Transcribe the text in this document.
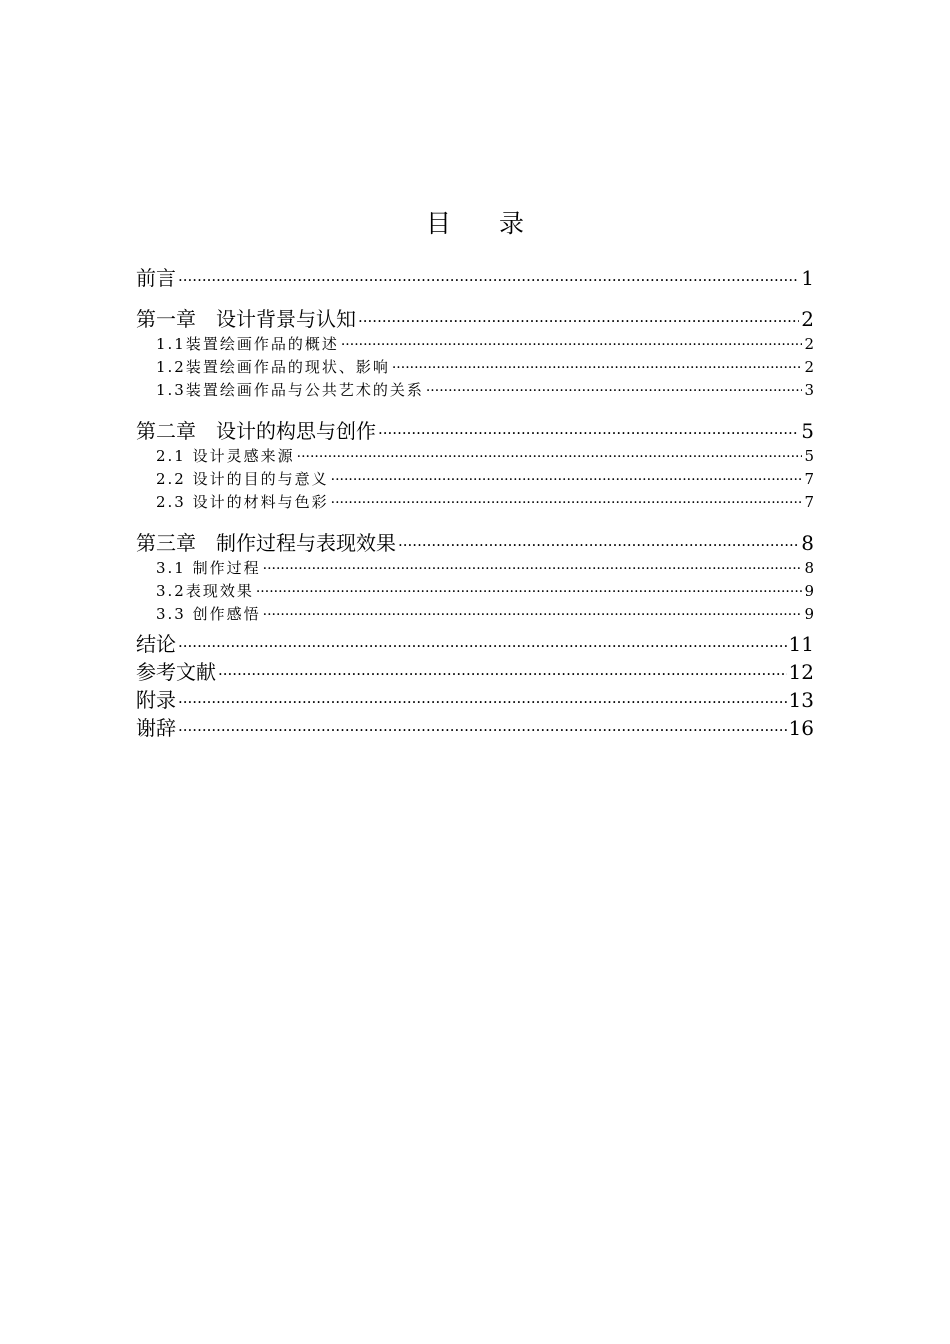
目录
前言 ·····	1
第一章　设计背景与认知 ·····	2
1.1装置绘画作品的概述 ·····	2
1.2装置绘画作品的现状、影响 ·····	2
1.3装置绘画作品与公共艺术的关系 ·····	3
第二章　设计的构思与创作 ·····	5
2.1 设计灵感来源 ·····	5
2.2 设计的目的与意义 ·····	7
2.3 设计的材料与色彩 ·····	7
第三章　制作过程与表现效果 ·····	8
3.1 制作过程 ·····	8
3.2表现效果 ·····	9
3.3 创作感悟 ·····	9
结论 ·····	11
参考文献 ·····	12
附录 ·····	13
谢辞 ·····	16
